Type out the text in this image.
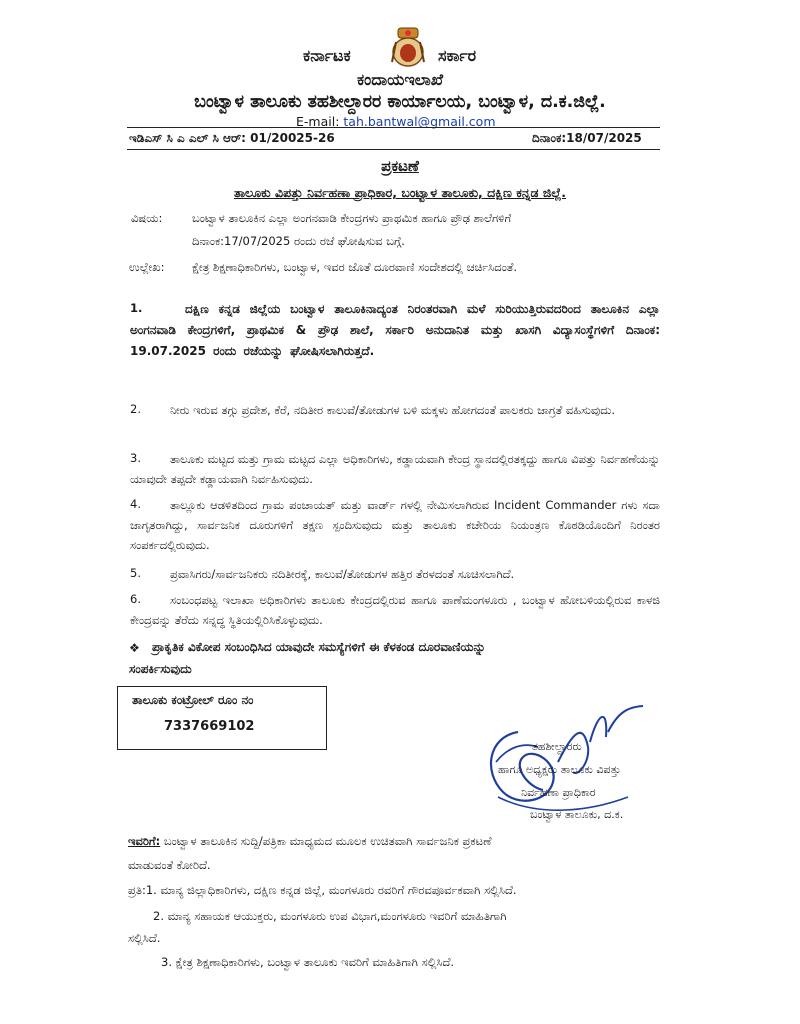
ಕರ್ನಾಟಕ	ಸರ್ಕಾರ
ಕಂದಾಯಇಲಾಖೆ
ಬಂಟ್ವಾಳ ತಾಲೂಕು ತಹಶೀಲ್ದಾರರ ಕಾರ್ಯಾಲಯ, ಬಂಟ್ವಾಳ, ದ.ಕ.ಜಿಲ್ಲೆ.
E-mail: tah.bantwal@gmail.com
ಇಡಿಎಸ್ ಸಿ ಎ ಎಲ್ ಸಿ ಆರ್: 01/20025-26	ದಿನಾಂಕ:18/07/2025
ಪ್ರಕಟಣೆ
ತಾಲೂಕು ವಿಪತ್ತು ನಿರ್ವಹಣಾ ಪ್ರಾಧಿಕಾರ, ಬಂಟ್ವಾಳ ತಾಲೂಕು, ದಕ್ಷಿಣ ಕನ್ನಡ ಜಿಲ್ಲೆ.
ವಿಷಯ:	ಬಂಟ್ವಾಳ ತಾಲೂಕಿನ ಎಲ್ಲಾ ಅಂಗನವಾಡಿ ಕೇಂದ್ರಗಳು ಪ್ರಾಥಮಿಕ ಹಾಗೂ ಪ್ರೌಢ ಶಾಲೆಗಳಿಗೆ
ದಿನಾಂಕ:17/07/2025 ರಂದು ರಜೆ ಘೋಷಿಸುವ ಬಗ್ಗೆ.
ಉಲ್ಲೇಖ: ಕ್ಷೇತ್ರ ಶಿಕ್ಷಣಾಧಿಕಾರಿಗಳು, ಬಂಟ್ವಾಳ, ಇವರ ಜೊತೆ ದೂರವಾಣಿ ಸಂದೇಶದಲ್ಲಿ ಚರ್ಚಿಸಿದಂತೆ.
1.	ದಕ್ಷಿಣ ಕನ್ನಡ ಜಿಲ್ಲೆಯ ಬಂಟ್ವಾಳ ತಾಲೂಕಿನಾದ್ಯಂತ ನಿರಂತರವಾಗಿ ಮಳೆ ಸುರಿಯುತ್ತಿರುವದರಿಂದ ತಾಲೂಕಿನ ಎಲ್ಲಾ ಅಂಗನವಾಡಿ ಕೇಂದ್ರಗಳಿಗೆ, ಪ್ರಾಥಮಿಕ & ಪ್ರೌಢ ಶಾಲೆ, ಸರ್ಕಾರಿ ಅನುದಾನಿತ ಮತ್ತು ಖಾಸಗಿ ವಿದ್ಯಾಸಂಸ್ಥೆಗಳಿಗೆ ದಿನಾಂಕ: 19.07.2025 ರಂದು ರಜೆಯನ್ನು ಘೋಷಿಸಲಾಗಿರುತ್ತದೆ.
2.	ನೀರು ಇರುವ ತಗ್ಗು ಪ್ರದೇಶ, ಕೆರೆ, ನದಿತೀರ ಕಾಲುವೆ/ತೋಡುಗಳ ಬಳಿ ಮಕ್ಕಳು ಹೋಗದಂತೆ ಪಾಲಕರು ಜಾಗ್ರತೆ ವಹಿಸುವುದು.
3.	ತಾಲೂಕು ಮಟ್ಟದ ಮತ್ತು ಗ್ರಾಮ ಮಟ್ಟದ ಎಲ್ಲಾ ಅಧಿಕಾರಿಗಳು, ಕಡ್ಡಾಯವಾಗಿ ಕೇಂದ್ರ ಸ್ಥಾನದಲ್ಲಿರತಕ್ಕದ್ದು ಹಾಗೂ ವಿಪತ್ತು ನಿರ್ವಹಣೆಯನ್ನು ಯಾವುದೇ ತಪ್ಪದೇ ಕಡ್ಡಾಯವಾಗಿ ನಿರ್ವಹಿಸುವುದು.
4.	ತಾಲ್ಲೂಕು ಆಡಳಿತದಿಂದ ಗ್ರಾಮ ಪಂಚಾಯತ್ ಮತ್ತು ವಾರ್ಡ್ ಗಳಲ್ಲಿ ನೇಮಿಸಲಾಗಿರುವ Incident Commander ಗಳು ಸದಾ ಜಾಗೃತರಾಗಿದ್ದು, ಸಾರ್ವಜನಿಕ ದೂರುಗಳಿಗೆ ತಕ್ಷಣ ಸ್ಪಂದಿಸುವುದು ಮತ್ತು ತಾಲೂಕು ಕಚೇರಿಯ ನಿಯಂತ್ರಣ ಕೊಠಡಿಯೊಂದಿಗೆ ನಿರಂತರ ಸಂಪರ್ಕದಲ್ಲಿರುವುದು.
5.	ಪ್ರವಾಸಿಗರು/ಸಾರ್ವಜನಿಕರು ನದಿತೀರಕ್ಕೆ, ಕಾಲುವೆ/ತೋಡುಗಳ ಹತ್ತಿರ ತೆರಳದಂತೆ ಸೂಚಿಸಲಾಗಿದೆ.
6.	ಸಂಬಂಧಪಟ್ಟ ಇಲಾಖಾ ಅಧಿಕಾರಿಗಳು ತಾಲೂಕು ಕೇಂದ್ರದಲ್ಲಿರುವ ಹಾಗೂ ಪಾಣೆಮಂಗಳೂರು , ಬಂಟ್ವಾಳ ಹೋಬಳಿಯಲ್ಲಿರುವ ಕಾಳಜಿ ಕೇಂದ್ರವನ್ನು ತೆರೆದು ಸನ್ನದ್ಧ ಸ್ಥಿತಿಯಲ್ಲಿರಿಸಿಕೊಳ್ಳುವುದು.
❖ ಪ್ರಾಕೃತಿಕ ವಿಕೋಪ ಸಂಬಂಧಿಸಿದ ಯಾವುದೇ ಸಮಸ್ಯೆಗಳಿಗೆ ಈ ಕೆಳಕಂಡ ದೂರವಾಣಿಯನ್ನು
ಸಂಪರ್ಕಿಸುವುದು
ತಾಲೂಕು ಕಂಟ್ರೋಲ್ ರೂಂ ನಂ
7337669102
ತಹಶೀಲ್ದಾರರು
ಹಾಗೂ ಅಧ್ಯಕ್ಷರು ತಾಲೂಕು ವಿಪತ್ತು
ನಿರ್ವಹಣಾ ಪ್ರಾಧಿಕಾರ
ಬಂಟ್ವಾಳ ತಾಲೂಕು, ದ.ಕ.
ಇವರಿಗೆ: ಬಂಟ್ವಾಳ ತಾಲೂಕಿನ ಸುದ್ದಿ/ಪತ್ರಿಕಾ ಮಾಧ್ಯಮದ ಮೂಲಕ ಉಚಿತವಾಗಿ ಸಾರ್ವಜನಿಕ ಪ್ರಕಟಣೆ
ಮಾಡುವಂತೆ ಕೋರಿದೆ.
ಪ್ರತಿ:1. ಮಾನ್ಯ ಜಿಲ್ಲಾಧಿಕಾರಿಗಳು, ದಕ್ಷಿಣ ಕನ್ನಡ ಜಿಲ್ಲೆ, ಮಂಗಳೂರು ರವರಿಗೆ ಗೌರವಪೂರ್ವಕವಾಗಿ ಸಲ್ಲಿಸಿದೆ.
2. ಮಾನ್ಯ ಸಹಾಯಕ ಆಯುಕ್ತರು, ಮಂಗಳೂರು ಉಪ ವಿಭಾಗ,ಮಂಗಳೂರು ಇವರಿಗೆ ಮಾಹಿತಿಗಾಗಿ
ಸಲ್ಲಿಸಿದೆ.
3. ಕ್ಷೇತ್ರ ಶಿಕ್ಷಣಾಧಿಕಾರಿಗಳು, ಬಂಟ್ವಾಳ ತಾಲೂಕು ಇವರಿಗೆ ಮಾಹಿತಿಗಾಗಿ ಸಲ್ಲಿಸಿದೆ.
